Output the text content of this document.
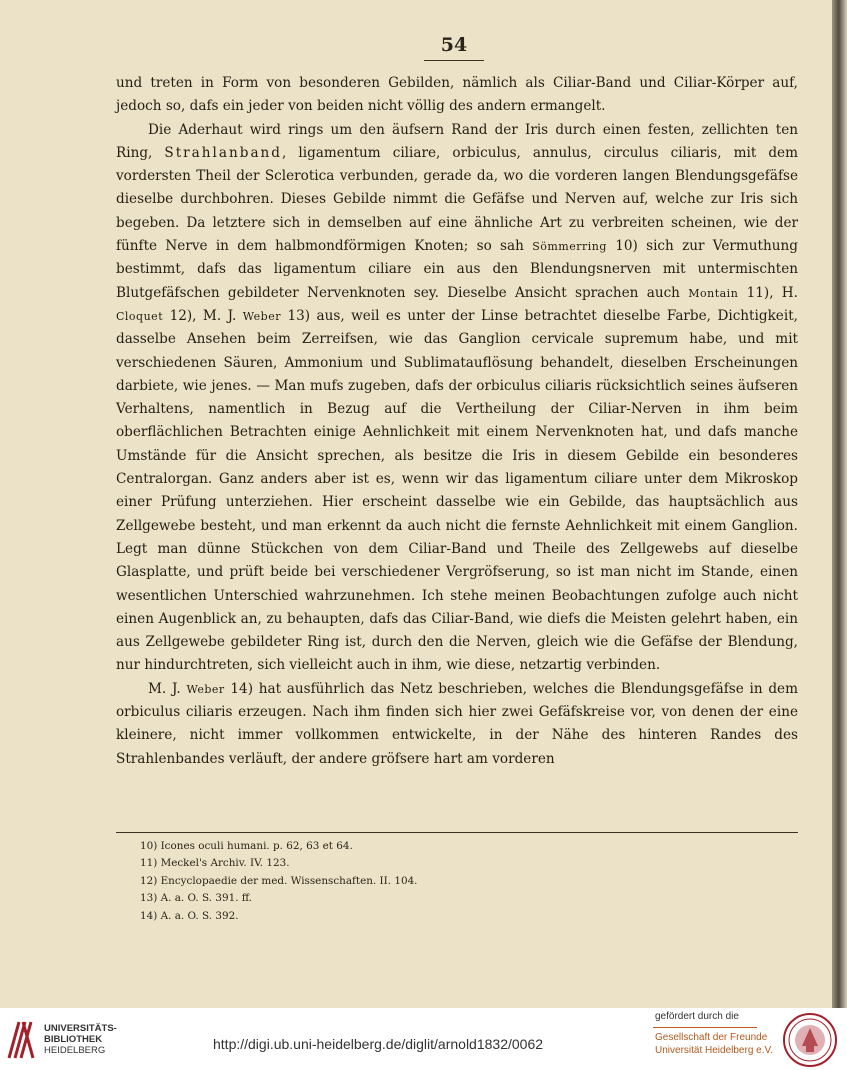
54

und treten in Form von besonderen Gebilden, nämlich als Ciliar-Band und Ciliar-Körper auf, jedoch so, dafs ein jeder von beiden nicht völlig des andern ermangelt.

Die Aderhaut wird rings um den äufsern Rand der Iris durch einen festen, zellichten ten Ring, Strahlanband, ligamentum ciliare, orbiculus, annulus, circulus ciliaris, mit dem vordersten Theil der Sclerotica verbunden, gerade da, wo die vorderen langen Blendungsgefäfse dieselbe durchbohren. Dieses Gebilde nimmt die Gefäfse und Nerven auf, welche zur Iris sich begeben. Da letztere sich in demselben auf eine ähnliche Art zu verbreiten scheinen, wie der fünfte Nerve in dem halbmondförmigen Knoten; so sah Sömmerring 10) sich zur Vermuthung bestimmt, dafs das ligamentum ciliare ein aus den Blendungsnerven mit untermischten Blutgefäfschen gebildeter Nervenknoten sey. Dieselbe Ansicht sprachen auch Montain 11), H. Cloquet 12), M. J. Weber 13) aus, weil es unter der Linse betrachtet dieselbe Farbe, Dichtigkeit, dasselbe Ansehen beim Zerreifsen, wie das Ganglion cervicale supremum habe, und mit verschiedenen Säuren, Ammonium und Sublimatauflösung behandelt, dieselben Erscheinungen darbiete, wie jenes. — Man mufs zugeben, dafs der orbiculus ciliaris rücksichtlich seines äufseren Verhaltens, namentlich in Bezug auf die Vertheilung der Ciliar-Nerven in ihm beim oberflächlichen Betrachten einige Aehnlichkeit mit einem Nervenknoten hat, und dafs manche Umstände für die Ansicht sprechen, als besitze die Iris in diesem Gebilde ein besonderes Centralorgan. Ganz anders aber ist es, wenn wir das ligamentum ciliare unter dem Mikroskop einer Prüfung unterziehen. Hier erscheint dasselbe wie ein Gebilde, das hauptsächlich aus Zellgewebe besteht, und man erkennt da auch nicht die fernste Aehnlichkeit mit einem Ganglion. Legt man dünne Stückchen von dem Ciliar-Band und Theile des Zellgewebs auf dieselbe Glasplatte, und prüft beide bei verschiedener Vergröfserung, so ist man nicht im Stande, einen wesentlichen Unterschied wahrzunehmen. Ich stehe meinen Beobachtungen zufolge auch nicht einen Augenblick an, zu behaupten, dafs das Ciliar-Band, wie diefs die Meisten gelehrt haben, ein aus Zellgewebe gebildeter Ring ist, durch den die Nerven, gleich wie die Gefäfse der Blendung, nur hindurchtreten, sich vielleicht auch in ihm, wie diese, netzartig verbinden.

M. J. Weber 14) hat ausführlich das Netz beschrieben, welches die Blendungsgefäfse in dem orbiculus ciliaris erzeugen. Nach ihm finden sich hier zwei Gefäfskreise vor, von denen der eine kleinere, nicht immer vollkommen entwickelte, in der Nähe des hinteren Randes des Strahlenbandes verläuft, der andere gröfsere hart am vorderen

10) Icones oculi humani. p. 62, 63 et 64.
11) Meckel's Archiv. IV. 123.
12) Encyclopaedie der med. Wissenschaften. II. 104.
13) A. a. O. S. 391. ff.
14) A. a. O. S. 392.
UNIVERSITÄTS-
BIBLIOTHEK
HEIDELBERG	http://digi.ub.uni-heidelberg.de/diglit/arnold1832/0062
gefördert durch die
Gesellschaft der Freunde
Universität Heidelberg e.V.
